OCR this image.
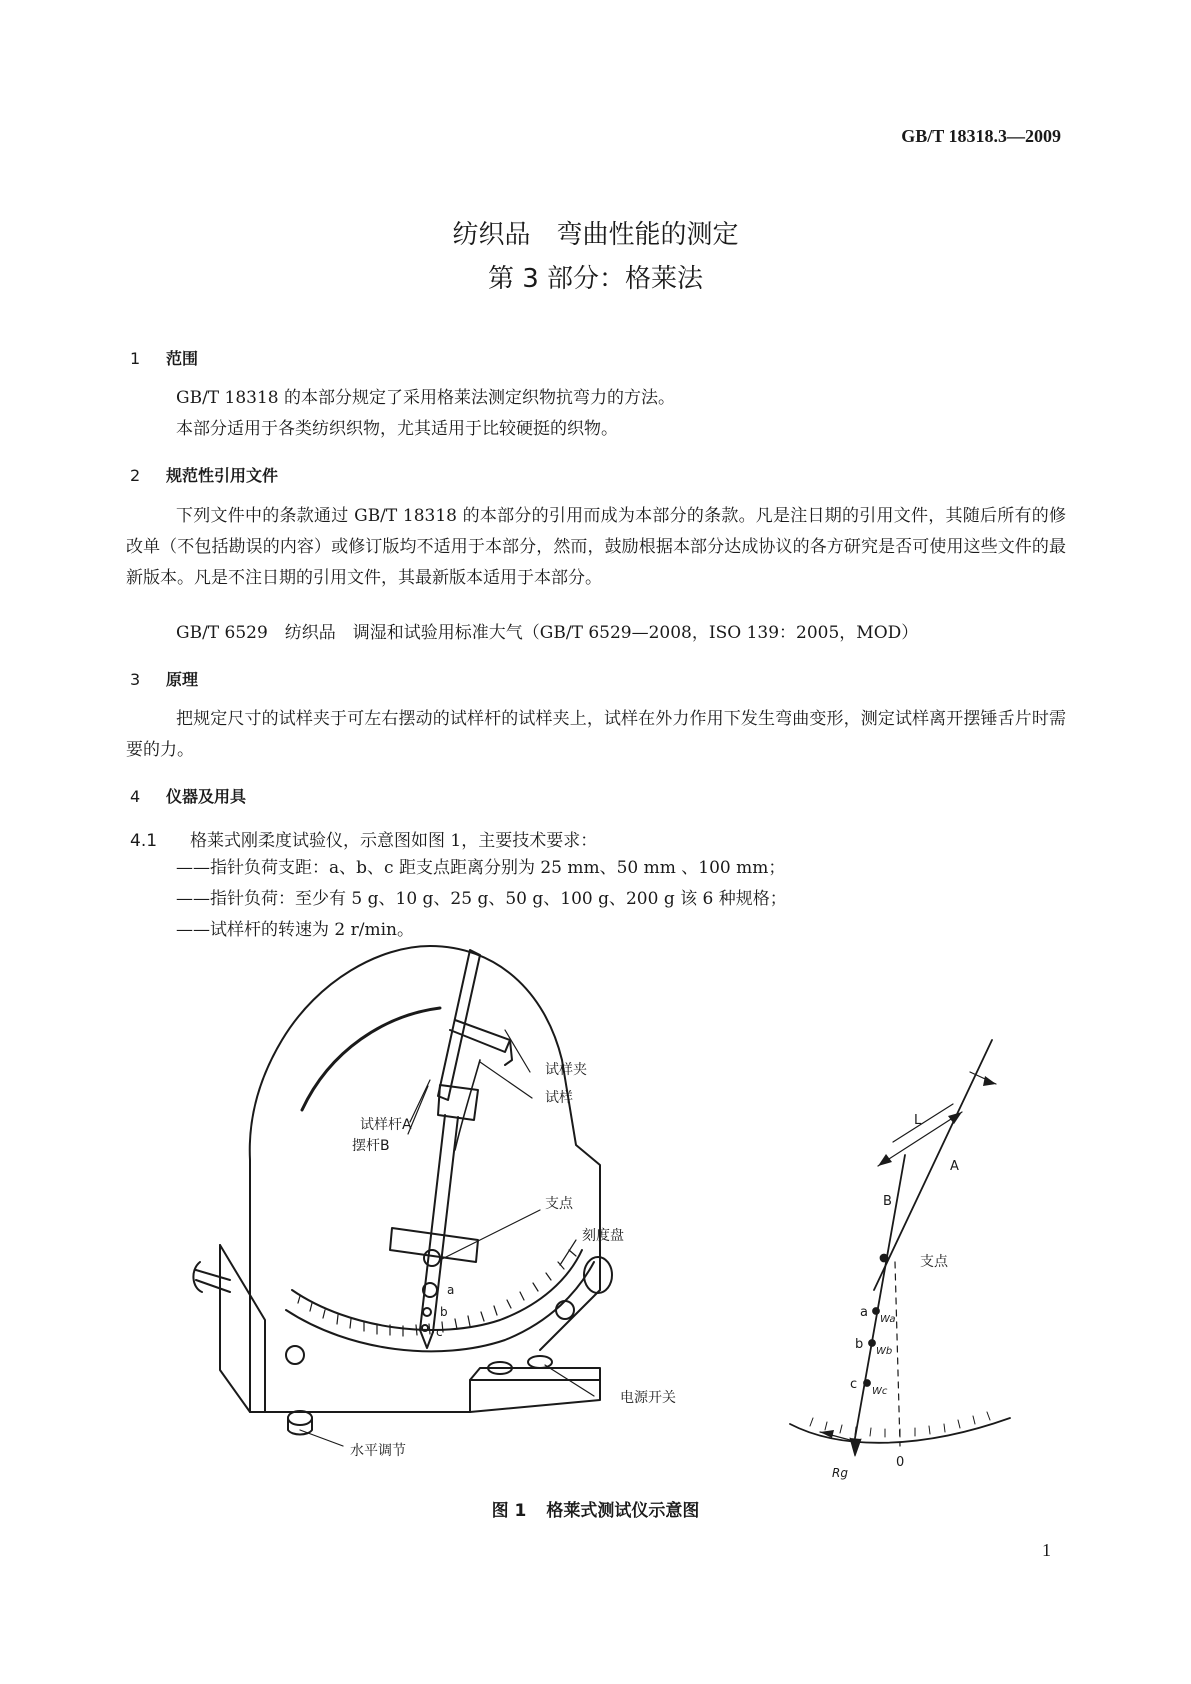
GB/T 18318.3—2009
纺织品　弯曲性能的测定
第 3 部分：格莱法
1 范围
GB/T 18318 的本部分规定了采用格莱法测定织物抗弯力的方法。
本部分适用于各类纺织织物，尤其适用于比较硬挺的织物。
2 规范性引用文件
下列文件中的条款通过 GB/T 18318 的本部分的引用而成为本部分的条款。凡是注日期的引用文件，其随后所有的修改单（不包括勘误的内容）或修订版均不适用于本部分，然而，鼓励根据本部分达成协议的各方研究是否可使用这些文件的最新版本。凡是不注日期的引用文件，其最新版本适用于本部分。
GB/T 6529　纺织品　调湿和试验用标准大气（GB/T 6529—2008，ISO 139：2005，MOD）
3 原理
把规定尺寸的试样夹于可左右摆动的试样杆的试样夹上，试样在外力作用下发生弯曲变形，测定试样离开摆锤舌片时需要的力。
4 仪器及用具
4.1 格莱式刚柔度试验仪，示意图如图 1，主要技术要求：
——指针负荷支距：a、b、c 距支点距离分别为 25 mm、50 mm 、100 mm；
——指针负荷：至少有 5 g、10 g、25 g、50 g、100 g、200 g 该 6 种规格；
——试样杆的转速为 2 r/min。
试样夹
试样杆A
试样
摆杆B
支点
刻度盘
电源开关
水平调节
a
b
c
L
A
B
支点
a
b
c
Wa
Wb
Wc
0
Rg
图 1 格莱式测试仪示意图
1
